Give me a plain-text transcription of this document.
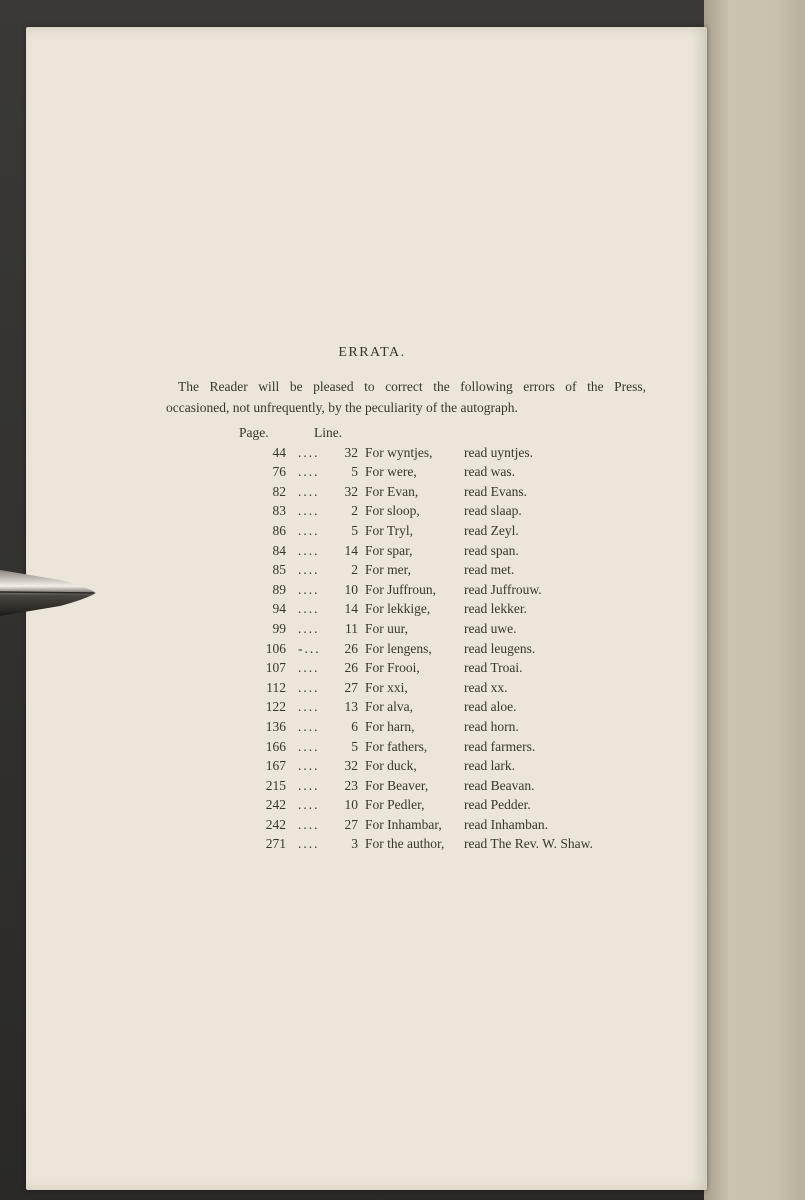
ERRATA.
The Reader will be pleased to correct the following errors of the Press,
occasioned, not unfrequently, by the peculiarity of the autograph.
Page.	Line.
44 ....	32 For wyntjes, read uyntjes.
76 ....	5 For were,	read was.
82 ....	32 For Evan,	read Evans.
83 ....	2 For sloop,	read slaap.
86 ....	5 For Tryl,	read Zeyl.
84 ....	14 For spar,	read span.
85 ....	2 For mer,	read met.
89 ....	10 For Juffroun, read Juffrouw.
94 ....	14 For lekkige,	read lekker.
99 ....	11 For uur,	read uwe.
106 -...	26 For lengens, read leugens.
107 ....	26 For Frooi,	read Troai.
112 ....	27 For xxi,	read xx.
122 ....	13 For alva,	read aloe.
136 ....	6 For harn,	read horn.
166 ....	5 For fathers,	read farmers.
167 ....	32 For duck,	read lark.
215 ....	23 For Beaver,	read Beavan.
242 ....	10 For Pedler,	read Pedder.
242 ....	27 For Inhambar, read Inhamban.
271 ....	3 For the author, read The Rev. W. Shaw.
